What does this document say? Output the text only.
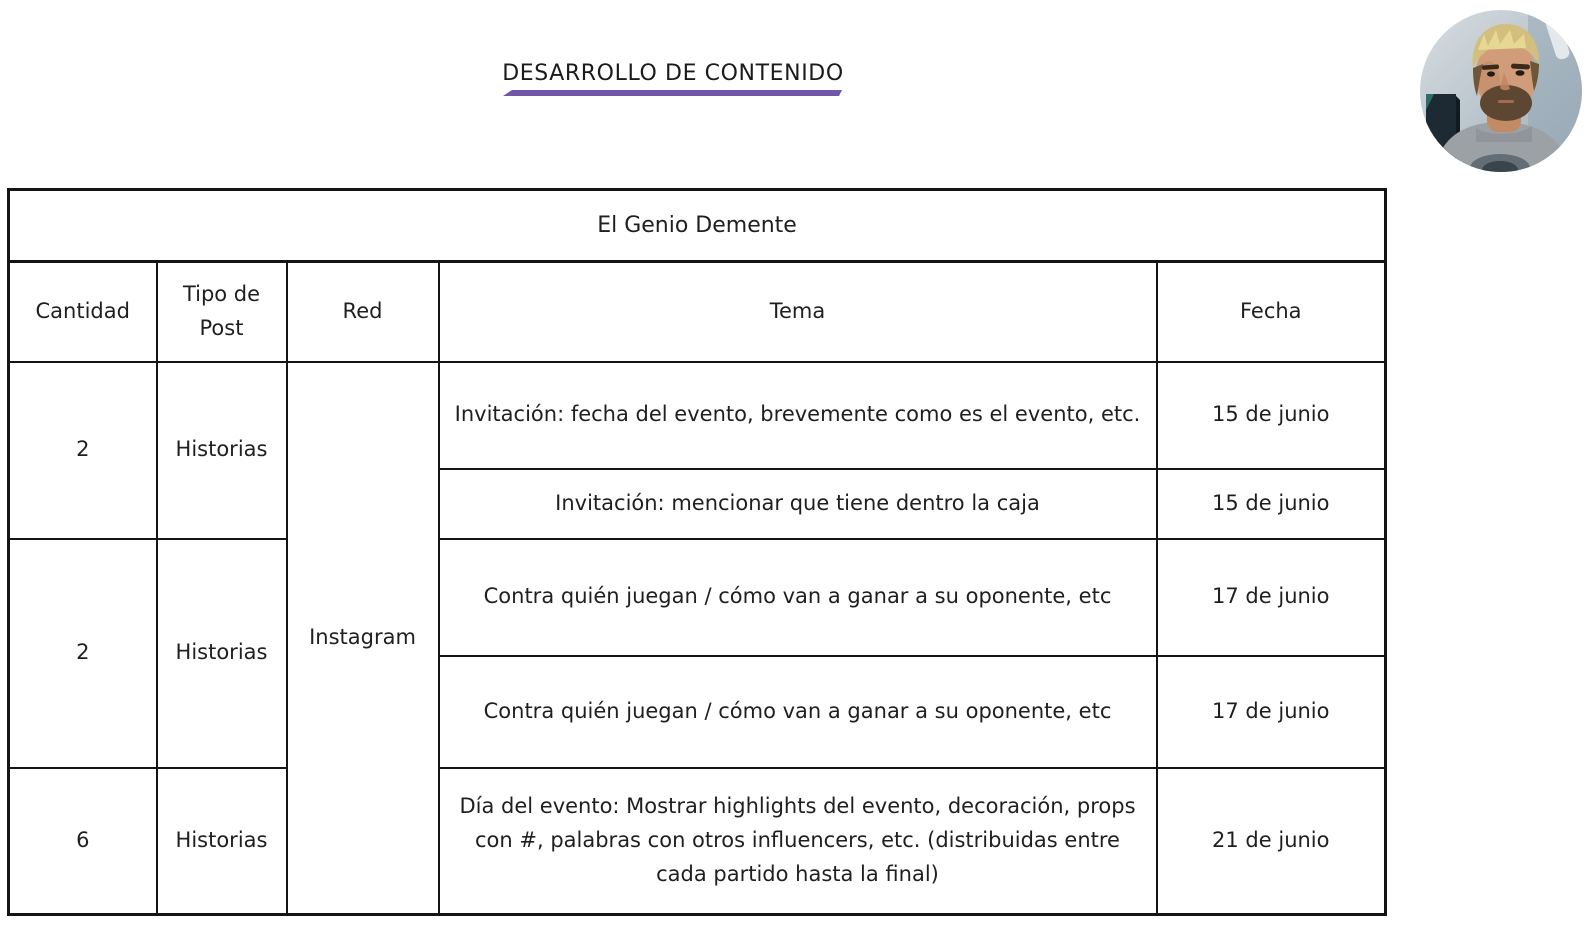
DESARROLLO DE CONTENIDO
El Genio Demente				
Cantidad	Tipo de Post	Red	Tema	Fecha
2	Historias	Instagram	Invitación: fecha del evento, brevemente como es el evento, etc.	15 de junio
			Invitación: mencionar que tiene dentro la caja	15 de junio
2	Historias		Contra quién juegan / cómo van a ganar a su oponente, etc	17 de junio
			Contra quién juegan / cómo van a ganar a su oponente, etc	17 de junio
6	Historias		Día del evento: Mostrar highlights del evento, decoración, props con #, palabras con otros influencers, etc. (distribuidas entre cada partido hasta la final)	21 de junio
